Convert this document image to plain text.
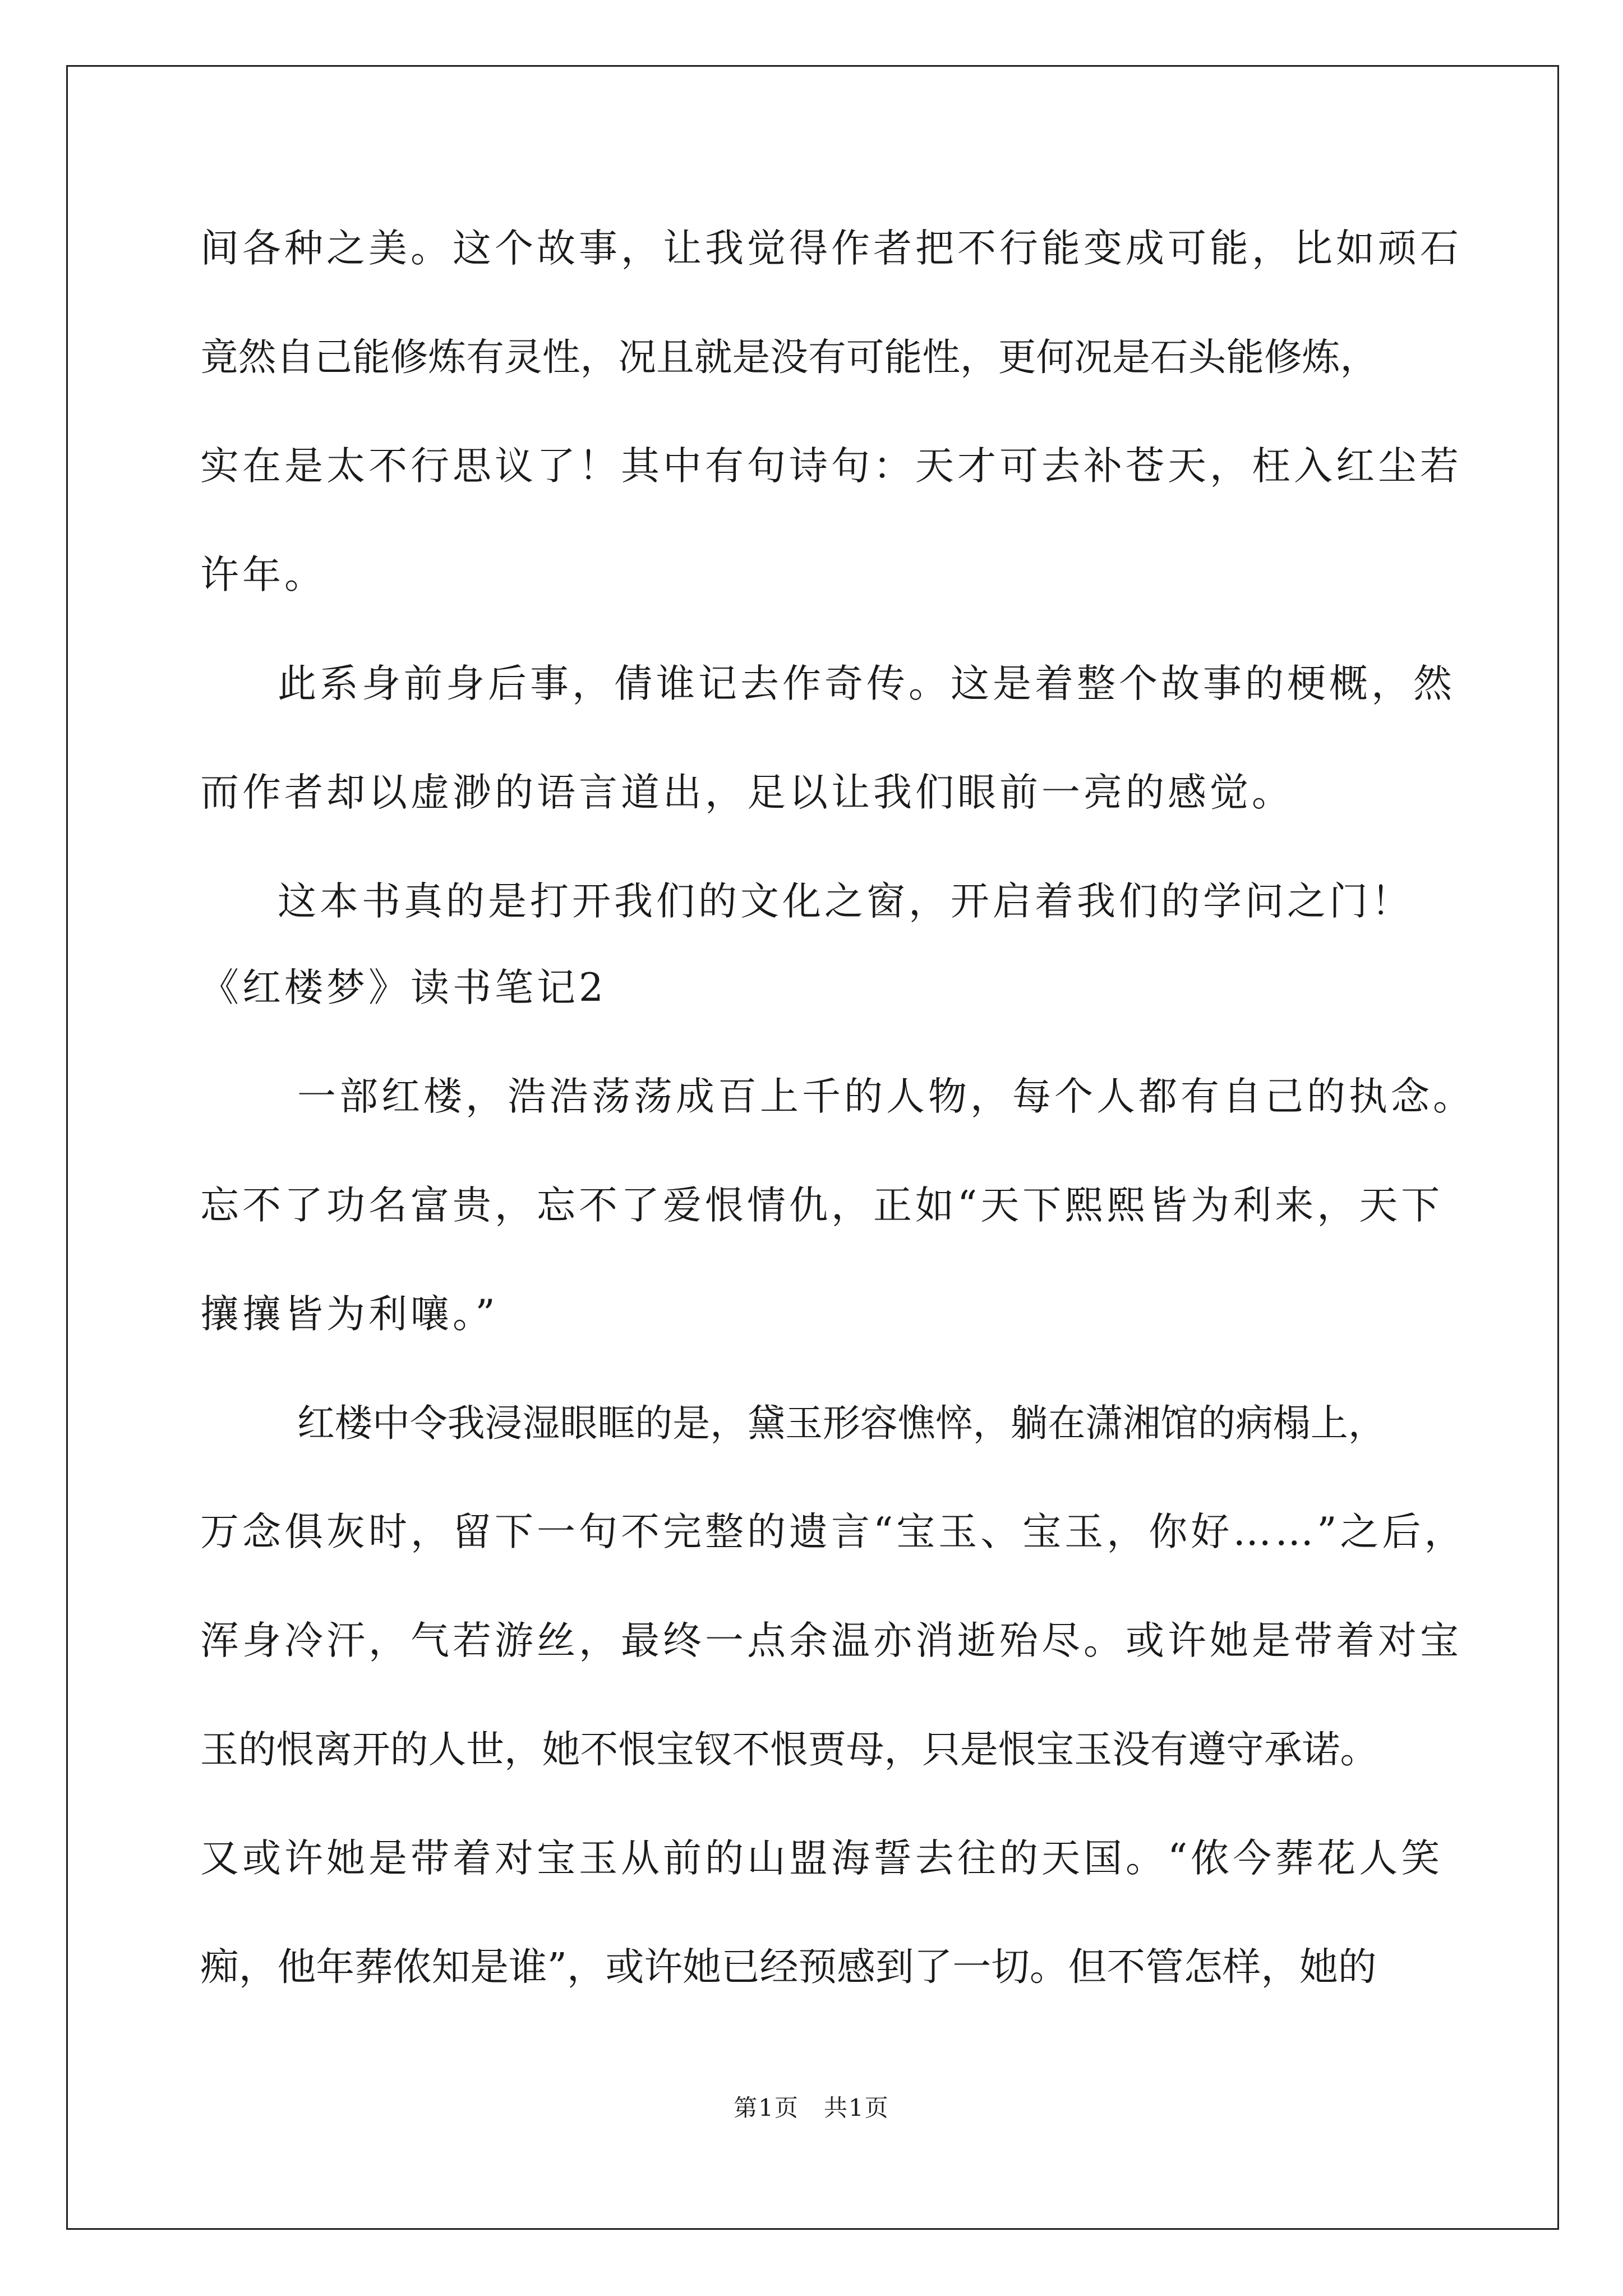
间各种之美。这个故事，让我觉得作者把不行能变成可能，比如顽石
竟然自己能修炼有灵性，况且就是没有可能性，更何况是石头能修炼，
实在是太不行思议了！其中有句诗句：天才可去补苍天，枉入红尘若
许年。
此系身前身后事，倩谁记去作奇传。这是着整个故事的梗概，然
而作者却以虚渺的语言道出，足以让我们眼前一亮的感觉。
这本书真的是打开我们的文化之窗，开启着我们的学问之门！
《红楼梦》读书笔记2
一部红楼，浩浩荡荡成百上千的人物，每个人都有自己的执念。
忘不了功名富贵，忘不了爱恨情仇，正如“天下熙熙皆为利来，天下
攘攘皆为利嚷。”
红楼中令我浸湿眼眶的是，黛玉形容憔悴，躺在潇湘馆的病榻上，
万念俱灰时，留下一句不完整的遗言“宝玉、宝玉，你好……”之后，
浑身冷汗，气若游丝，最终一点余温亦消逝殆尽。或许她是带着对宝
玉的恨离开的人世，她不恨宝钗不恨贾母，只是恨宝玉没有遵守承诺。
又或许她是带着对宝玉从前的山盟海誓去往的天国。“侬今葬花人笑
痴，他年葬侬知是谁”，或许她已经预感到了一切。但不管怎样，她的
第1页　共1页
